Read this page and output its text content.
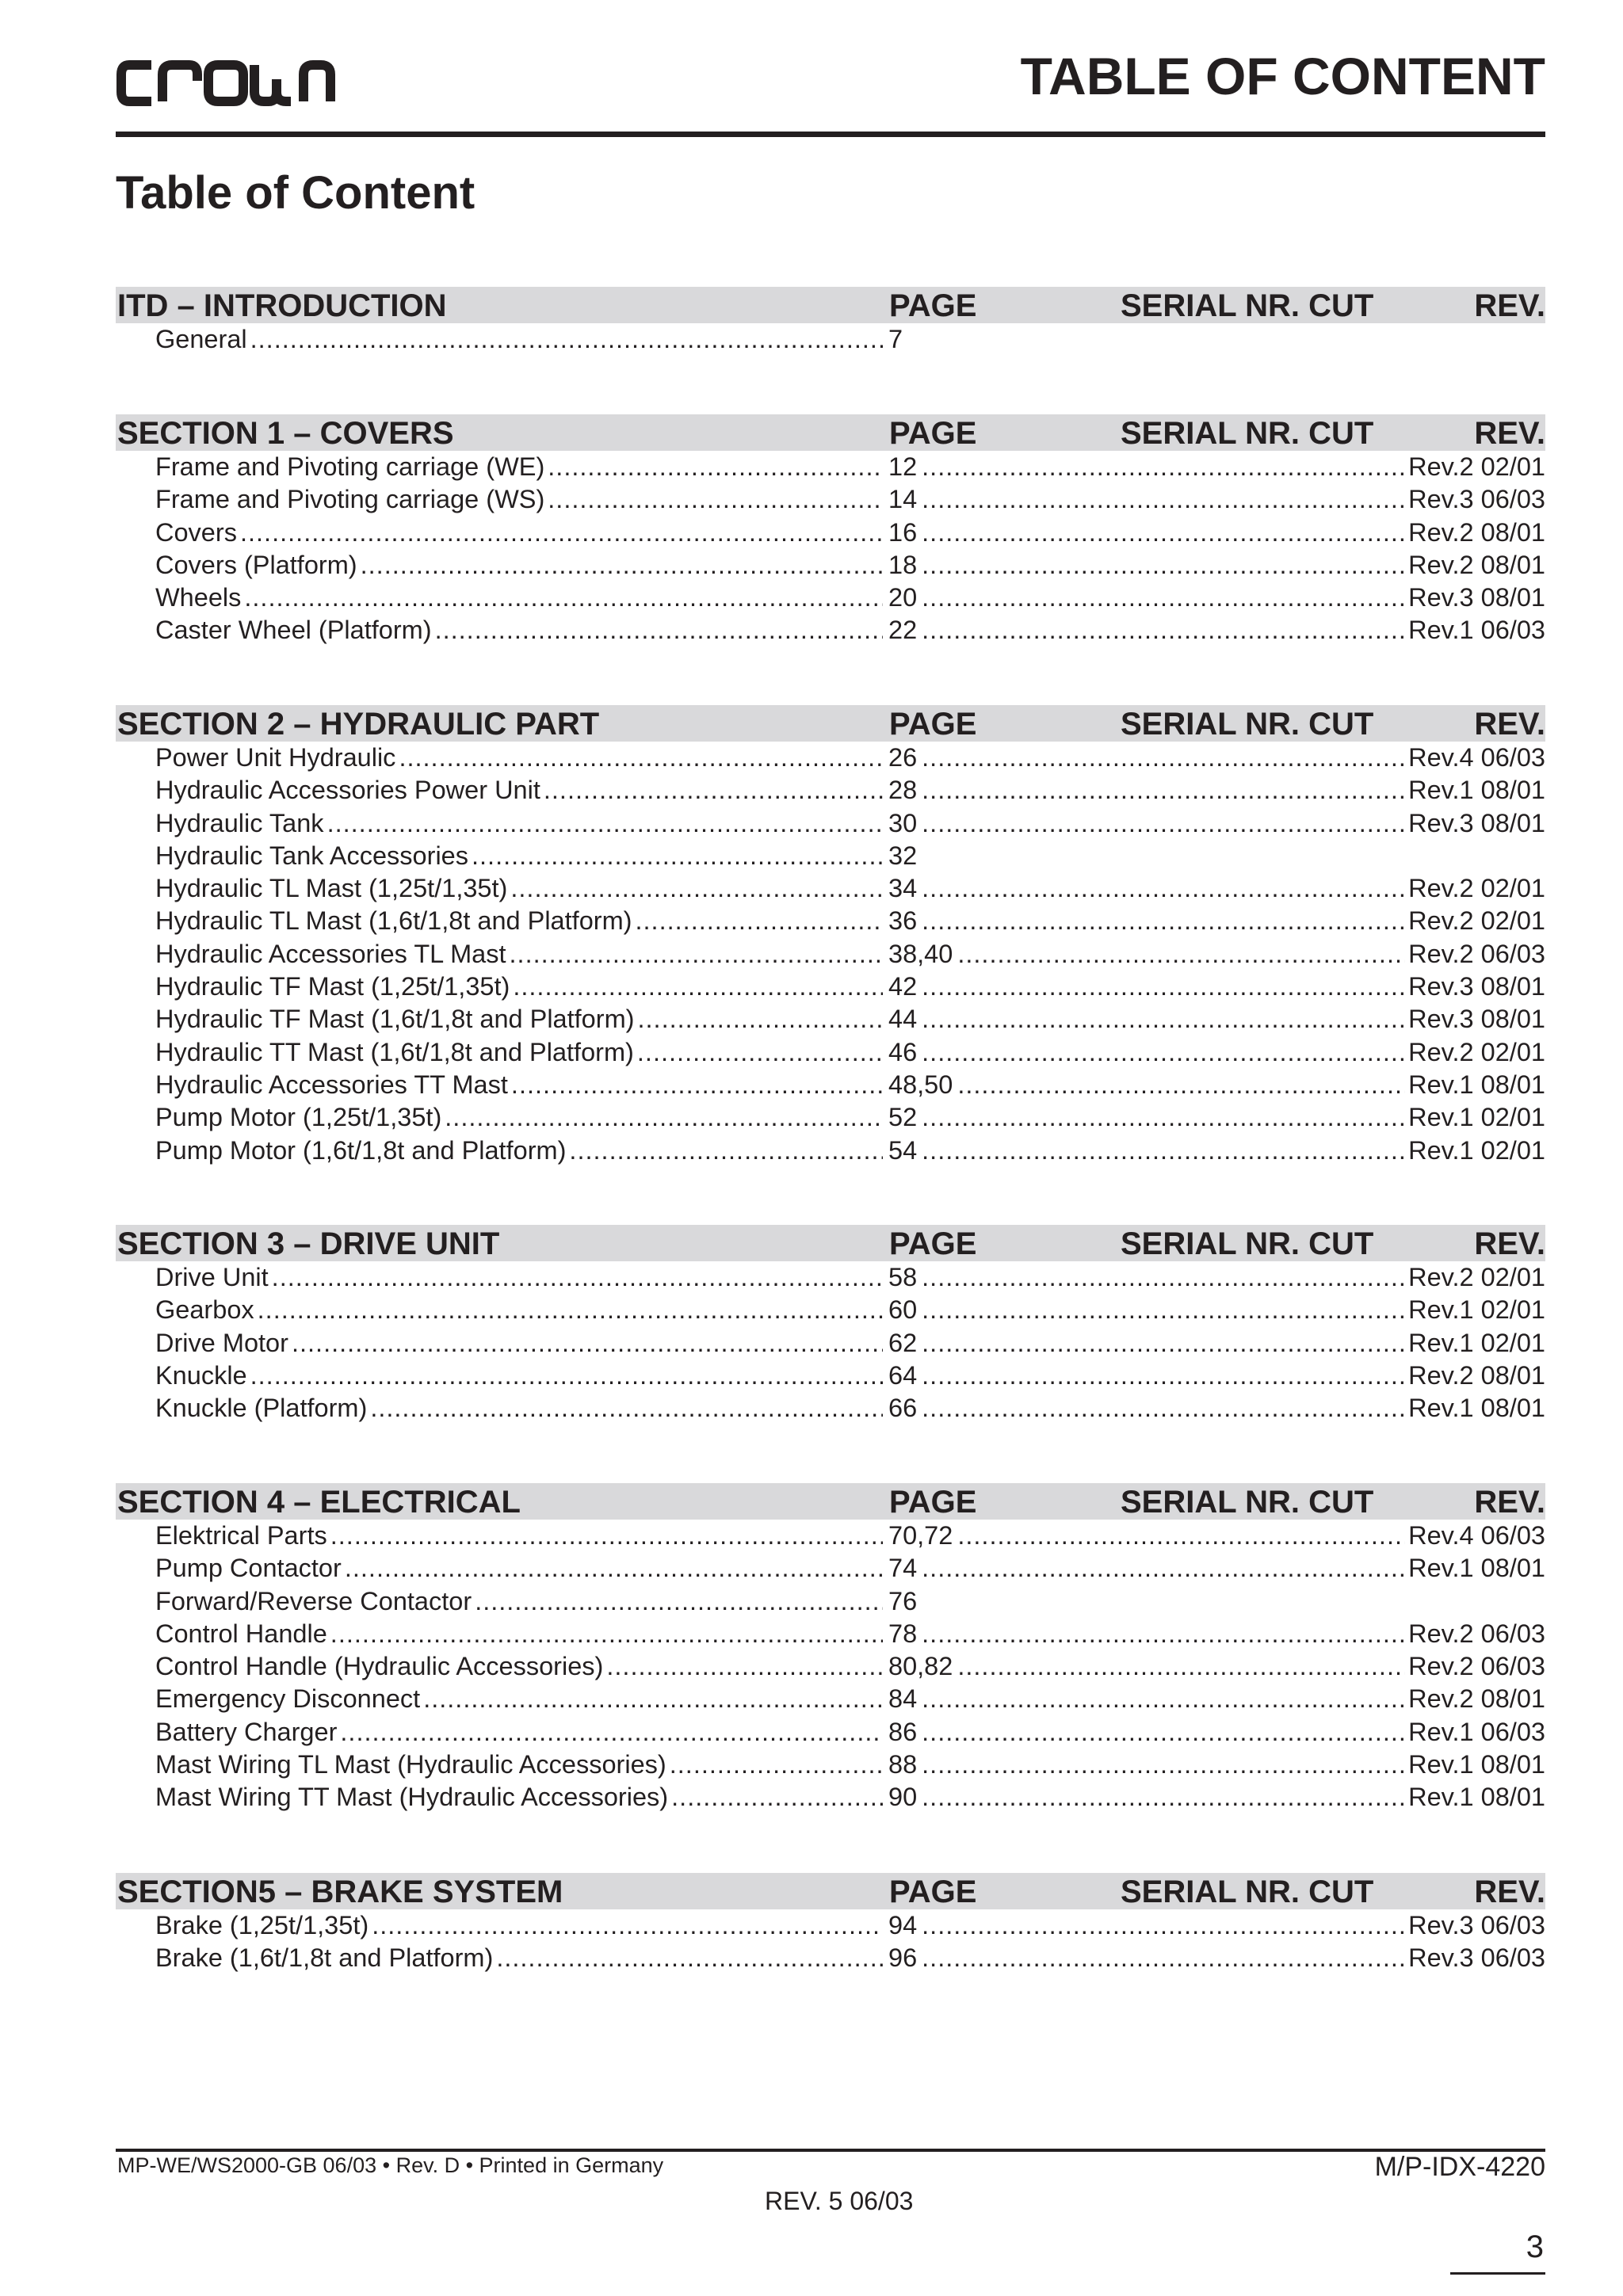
TABLE OF CONTENT
Table of Content
ITD – INTRODUCTION	PAGE	SERIAL NR. CUT	REV.
General .....	7
SECTION 1 – COVERS	PAGE	SERIAL NR. CUT	REV.
Frame and Pivoting carriage (WE) .....	12 .....	Rev.2 02/01
Frame and Pivoting carriage (WS) .....	14 .....	Rev.3 06/03
Covers .....	16 .....	Rev.2 08/01
Covers (Platform) .....	18 .....	Rev.2 08/01
Wheels .....	20 .....	Rev.3 08/01
Caster Wheel (Platform) .....	22 .....	Rev.1 06/03
SECTION 2 – HYDRAULIC PART	PAGE	SERIAL NR. CUT	REV.
Power Unit Hydraulic .....	26 .....	Rev.4 06/03
Hydraulic Accessories Power Unit .....	28 .....	Rev.1 08/01
Hydraulic Tank .....	30 .....	Rev.3 08/01
Hydraulic Tank Accessories .....	32
Hydraulic TL Mast (1,25t/1,35t) .....	34 .....	Rev.2 02/01
Hydraulic TL Mast (1,6t/1,8t and Platform) .....	36 .....	Rev.2 02/01
Hydraulic Accessories TL Mast .....	38,40 .....	Rev.2 06/03
Hydraulic TF Mast (1,25t/1,35t) .....	42 .....	Rev.3 08/01
Hydraulic TF Mast (1,6t/1,8t and Platform) .....	44 .....	Rev.3 08/01
Hydraulic TT Mast (1,6t/1,8t and Platform) .....	46 .....	Rev.2 02/01
Hydraulic Accessories TT Mast .....	48,50 .....	Rev.1 08/01
Pump Motor (1,25t/1,35t) .....	52 .....	Rev.1 02/01
Pump Motor (1,6t/1,8t and Platform) .....	54 .....	Rev.1 02/01
SECTION 3 – DRIVE UNIT	PAGE	SERIAL NR. CUT	REV.
Drive Unit .....	58 .....	Rev.2 02/01
Gearbox .....	60 .....	Rev.1 02/01
Drive Motor .....	62 .....	Rev.1 02/01
Knuckle .....	64 .....	Rev.2 08/01
Knuckle (Platform) .....	66 .....	Rev.1 08/01
SECTION 4 – ELECTRICAL	PAGE	SERIAL NR. CUT	REV.
Elektrical Parts .....	70,72 .....	Rev.4 06/03
Pump Contactor .....	74 .....	Rev.1 08/01
Forward/Reverse Contactor .....	76
Control Handle .....	78 .....	Rev.2 06/03
Control Handle (Hydraulic Accessories) .....	80,82 .....	Rev.2 06/03
Emergency Disconnect .....	84 .....	Rev.2 08/01
Battery Charger .....	86 .....	Rev.1 06/03
Mast Wiring TL Mast (Hydraulic Accessories) .....	88 .....	Rev.1 08/01
Mast Wiring TT Mast (Hydraulic Accessories) .....	90 .....	Rev.1 08/01
SECTION5 – BRAKE SYSTEM	PAGE	SERIAL NR. CUT	REV.
Brake (1,25t/1,35t) .....	94 .....	Rev.3 06/03
Brake (1,6t/1,8t and Platform) .....	96 .....	Rev.3 06/03
MP-WE/WS2000-GB 06/03 • Rev. D • Printed in Germany	M/P-IDX-4220
REV. 5 06/03
3
